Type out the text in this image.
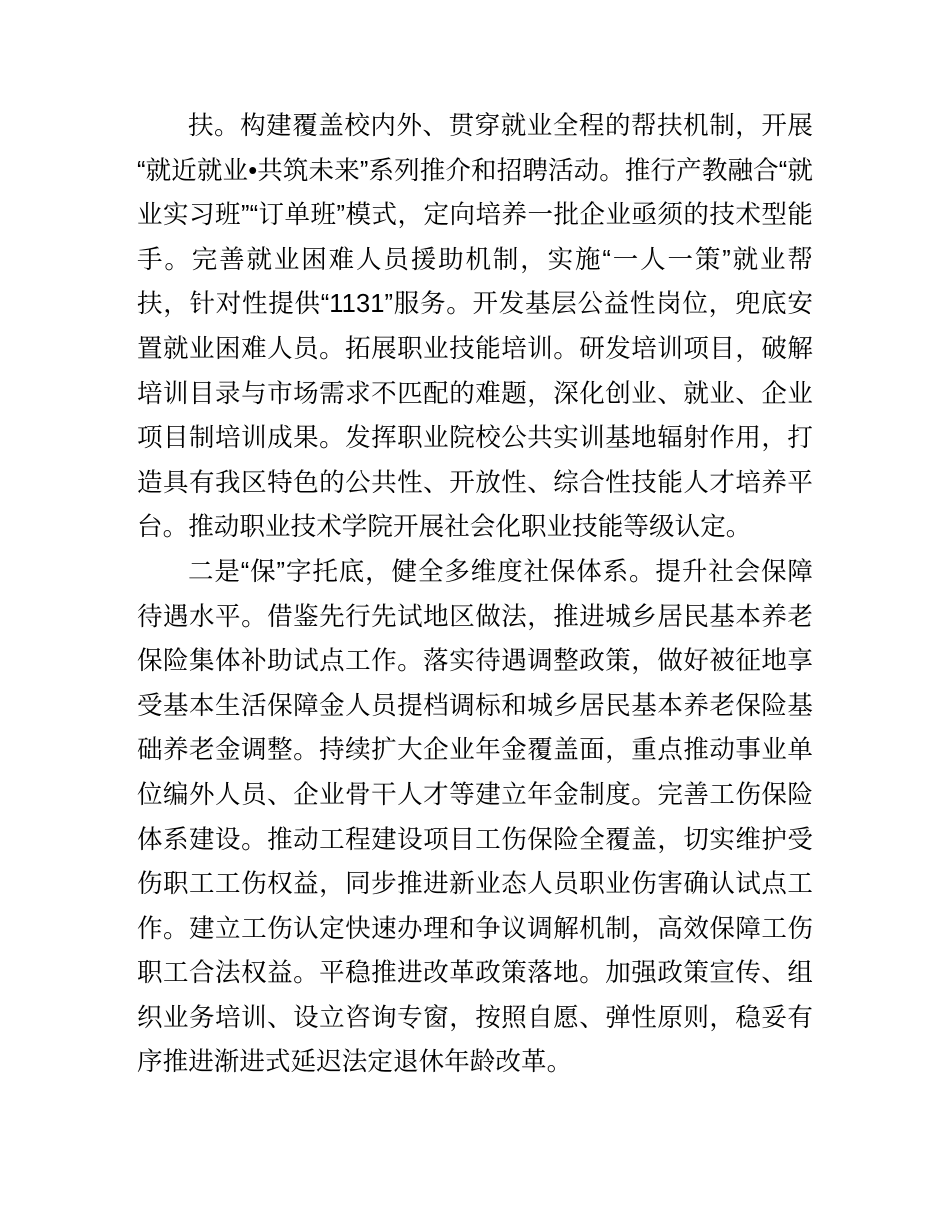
扶。构建覆盖校内外、贯穿就业全程的帮扶机制，开展“就近就业•共筑未来”系列推介和招聘活动。推行产教融合“就业实习班”“订单班”模式，定向培养一批企业亟须的技术型能手。完善就业困难人员援助机制，实施“一人一策”就业帮扶，针对性提供“1131”服务。开发基层公益性岗位，兜底安置就业困难人员。拓展职业技能培训。研发培训项目，破解培训目录与市场需求不匹配的难题，深化创业、就业、企业项目制培训成果。发挥职业院校公共实训基地辐射作用，打造具有我区特色的公共性、开放性、综合性技能人才培养平台。推动职业技术学院开展社会化职业技能等级认定。

二是“保”字托底，健全多维度社保体系。提升社会保障待遇水平。借鉴先行先试地区做法，推进城乡居民基本养老保险集体补助试点工作。落实待遇调整政策，做好被征地享受基本生活保障金人员提档调标和城乡居民基本养老保险基础养老金调整。持续扩大企业年金覆盖面，重点推动事业单位编外人员、企业骨干人才等建立年金制度。完善工伤保险体系建设。推动工程建设项目工伤保险全覆盖，切实维护受伤职工工伤权益，同步推进新业态人员职业伤害确认试点工作。建立工伤认定快速办理和争议调解机制，高效保障工伤职工合法权益。平稳推进改革政策落地。加强政策宣传、组织业务培训、设立咨询专窗，按照自愿、弹性原则，稳妥有序推进渐进式延迟法定退休年龄改革。
